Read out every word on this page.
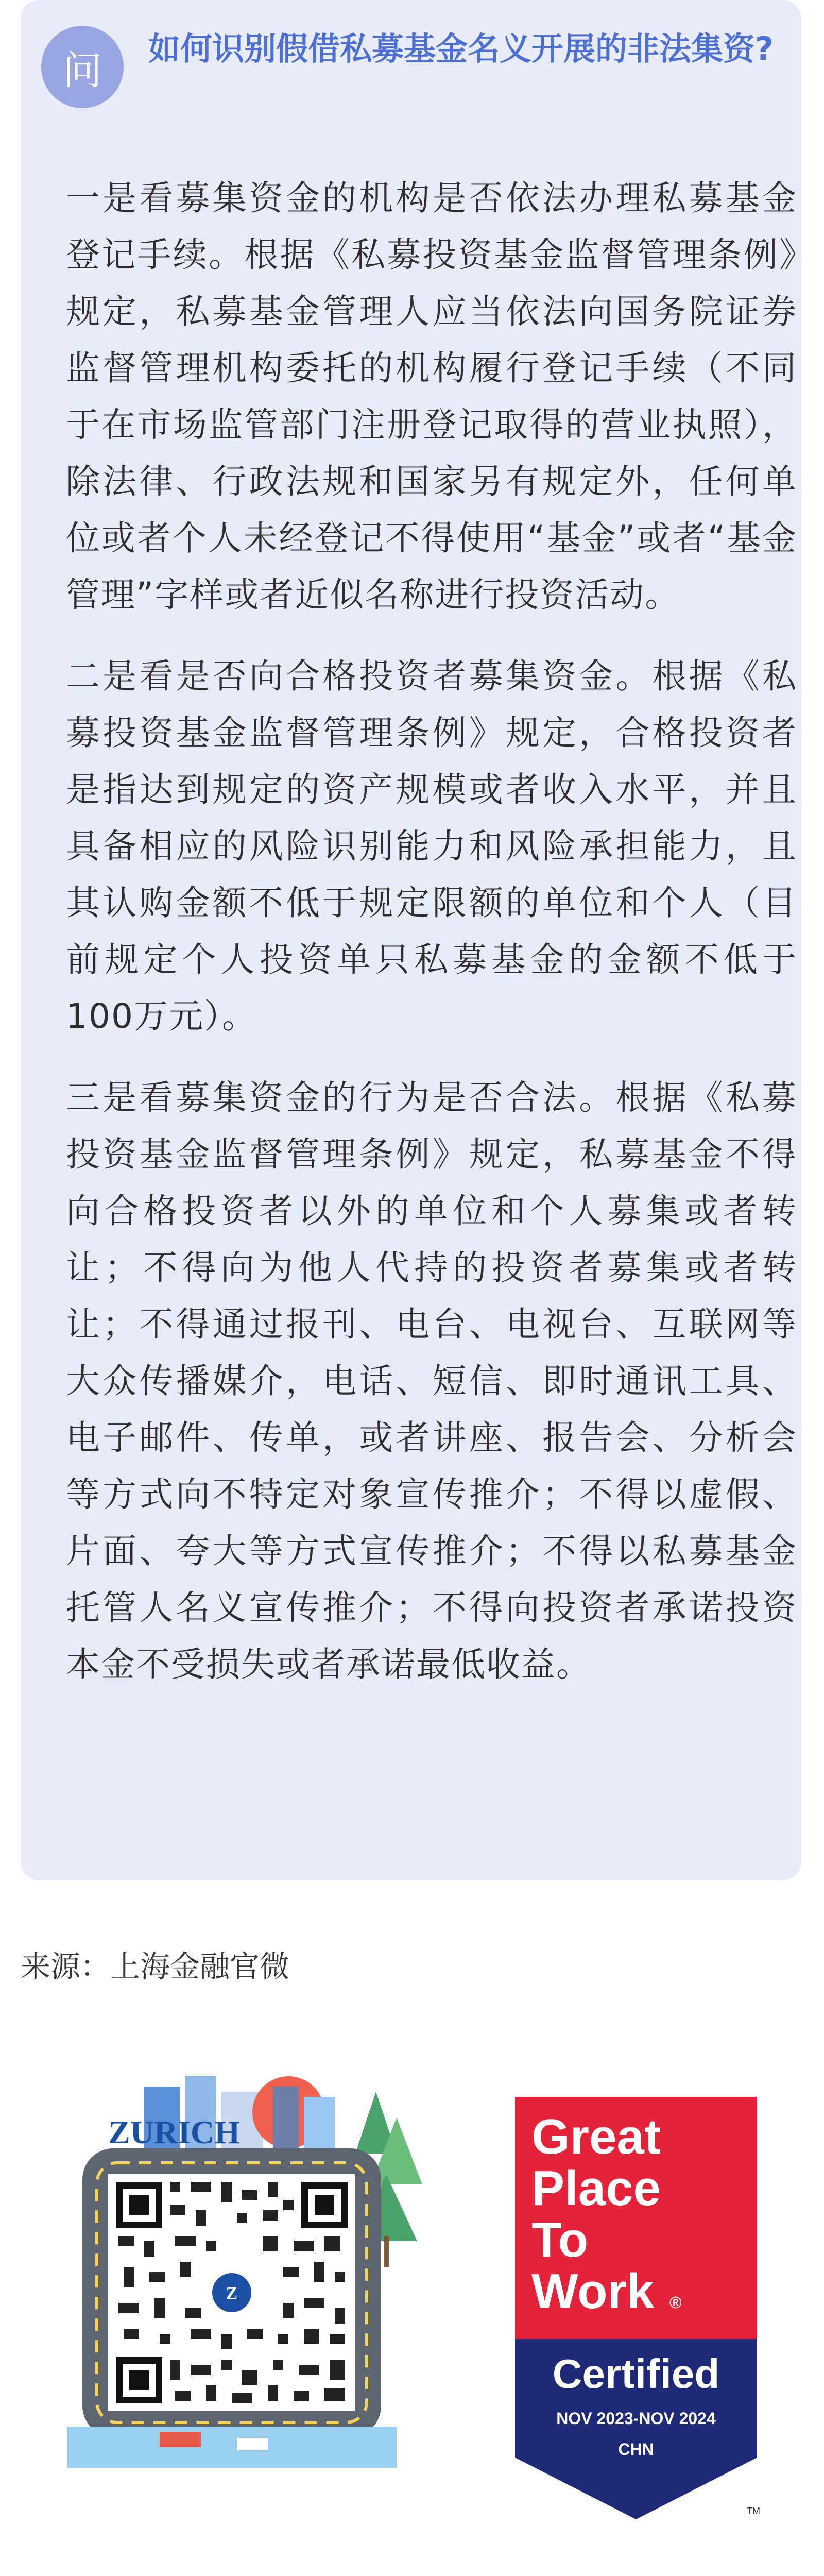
问 如何识别假借私募基金名义开展的非法集资?

一是看募集资金的机构是否依法办理私募基金登记手续。根据《私募投资基金监督管理条例》规定，私募基金管理人应当依法向国务院证券监督管理机构委托的机构履行登记手续（不同于在市场监管部门注册登记取得的营业执照），除法律、行政法规和国家另有规定外，任何单位或者个人未经登记不得使用“基金”或者“基金管理”字样或者近似名称进行投资活动。

二是看是否向合格投资者募集资金。根据《私募投资基金监督管理条例》规定，合格投资者是指达到规定的资产规模或者收入水平，并且具备相应的风险识别能力和风险承担能力，且其认购金额不低于规定限额的单位和个人（目前规定个人投资单只私募基金的金额不低于100万元）。

三是看募集资金的行为是否合法。根据《私募投资基金监督管理条例》规定，私募基金不得向合格投资者以外的单位和个人募集或者转让；不得向为他人代持的投资者募集或者转让；不得通过报刊、电台、电视台、互联网等大众传播媒介，电话、短信、即时通讯工具、电子邮件、传单，或者讲座、报告会、分析会等方式向不特定对象宣传推介；不得以虚假、片面、夸大等方式宣传推介；不得以私募基金托管人名义宣传推介；不得向投资者承诺投资本金不受损失或者承诺最低收益。

来源：上海金融官微
ZURICH
Z
Great
Place
To
Work ®
Certified
NOV 2023-NOV 2024
CHN
TM
